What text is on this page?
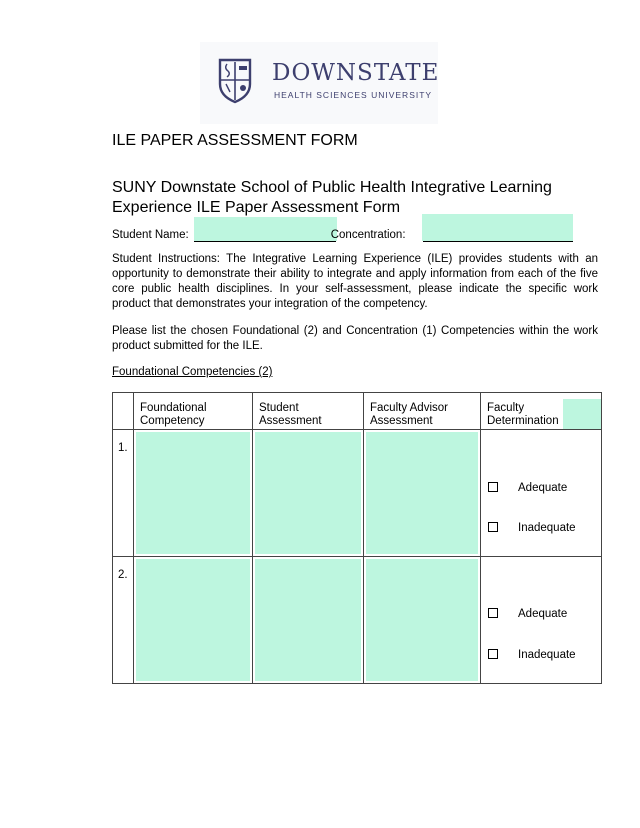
DOWNSTATE
HEALTH SCIENCES UNIVERSITY
ILE PAPER ASSESSMENT FORM
SUNY Downstate School of Public Health Integrative Learning Experience ILE Paper Assessment Form
Student Name:	Concentration:
Student Instructions: The Integrative Learning Experience (ILE) provides students with an opportunity to demonstrate their ability to integrate and apply information from each of the five core public health disciplines. In your self-assessment, please indicate the specific work product that demonstrates your integration of the competency.
Please list the chosen Foundational (2) and Concentration (1) Competencies within the work product submitted for the ILE.
Foundational Competencies (2)
	Foundational Competency	Student Assessment	Faculty Advisor Assessment	Faculty Determination

1.				Adequate
Inadequate

2.				Adequate
Inadequate
